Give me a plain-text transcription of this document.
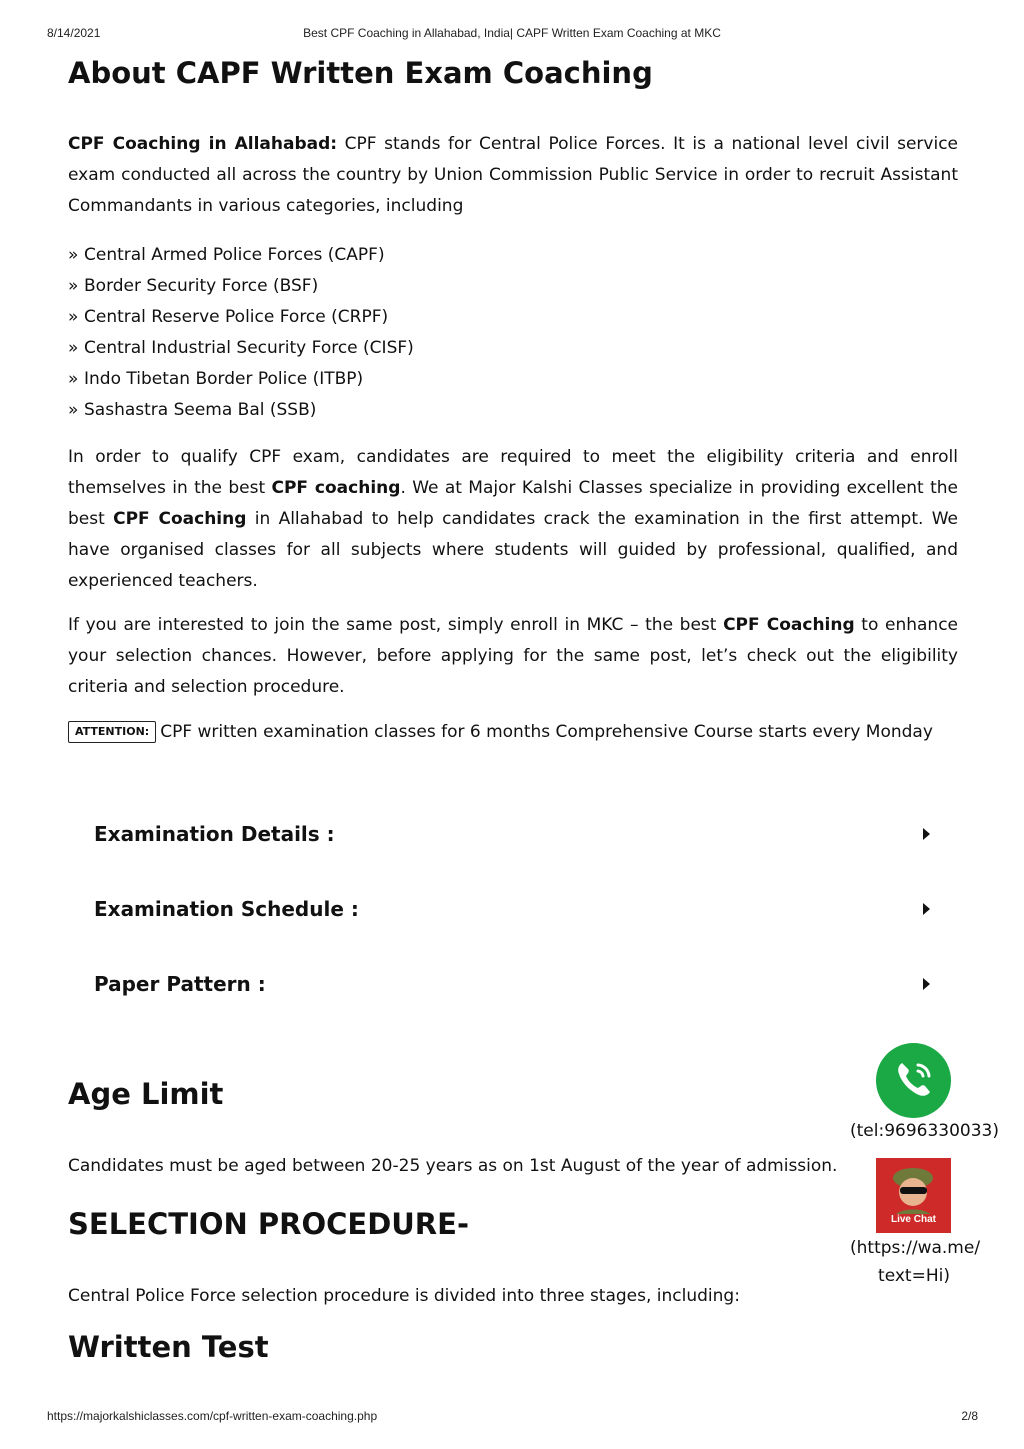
8/14/2021	Best CPF Coaching in Allahabad, India| CAPF Written Exam Coaching at MKC
About CAPF Written Exam Coaching

CPF Coaching in Allahabad: CPF stands for Central Police Forces. It is a national level civil service exam conducted all across the country by Union Commission Public Service in order to recruit Assistant Commandants in various categories, including

» Central Armed Police Forces (CAPF)
» Border Security Force (BSF)
» Central Reserve Police Force (CRPF)
» Central Industrial Security Force (CISF)
» Indo Tibetan Border Police (ITBP)
» Sashastra Seema Bal (SSB)

In order to qualify CPF exam, candidates are required to meet the eligibility criteria and enroll themselves in the best CPF coaching. We at Major Kalshi Classes specialize in providing excellent the best CPF Coaching in Allahabad to help candidates crack the examination in the first attempt. We have organised classes for all subjects where students will guided by professional, qualified, and experienced teachers.

If you are interested to join the same post, simply enroll in MKC – the best CPF Coaching to enhance your selection chances. However, before applying for the same post, let’s check out the eligibility criteria and selection procedure.

ATTENTION: CPF written examination classes for 6 months Comprehensive Course starts every Monday
Examination Details :
Examination Schedule :
Paper Pattern :
Age Limit

Candidates must be aged between 20-25 years as on 1st August of the year of admission.

SELECTION PROCEDURE-

Central Police Force selection procedure is divided into three stages, including:

Written Test
(tel:9696330033)
Live Chat
(https://wa.me/
text=Hi)
https://majorkalshiclasses.com/cpf-written-exam-coaching.php	2/8
